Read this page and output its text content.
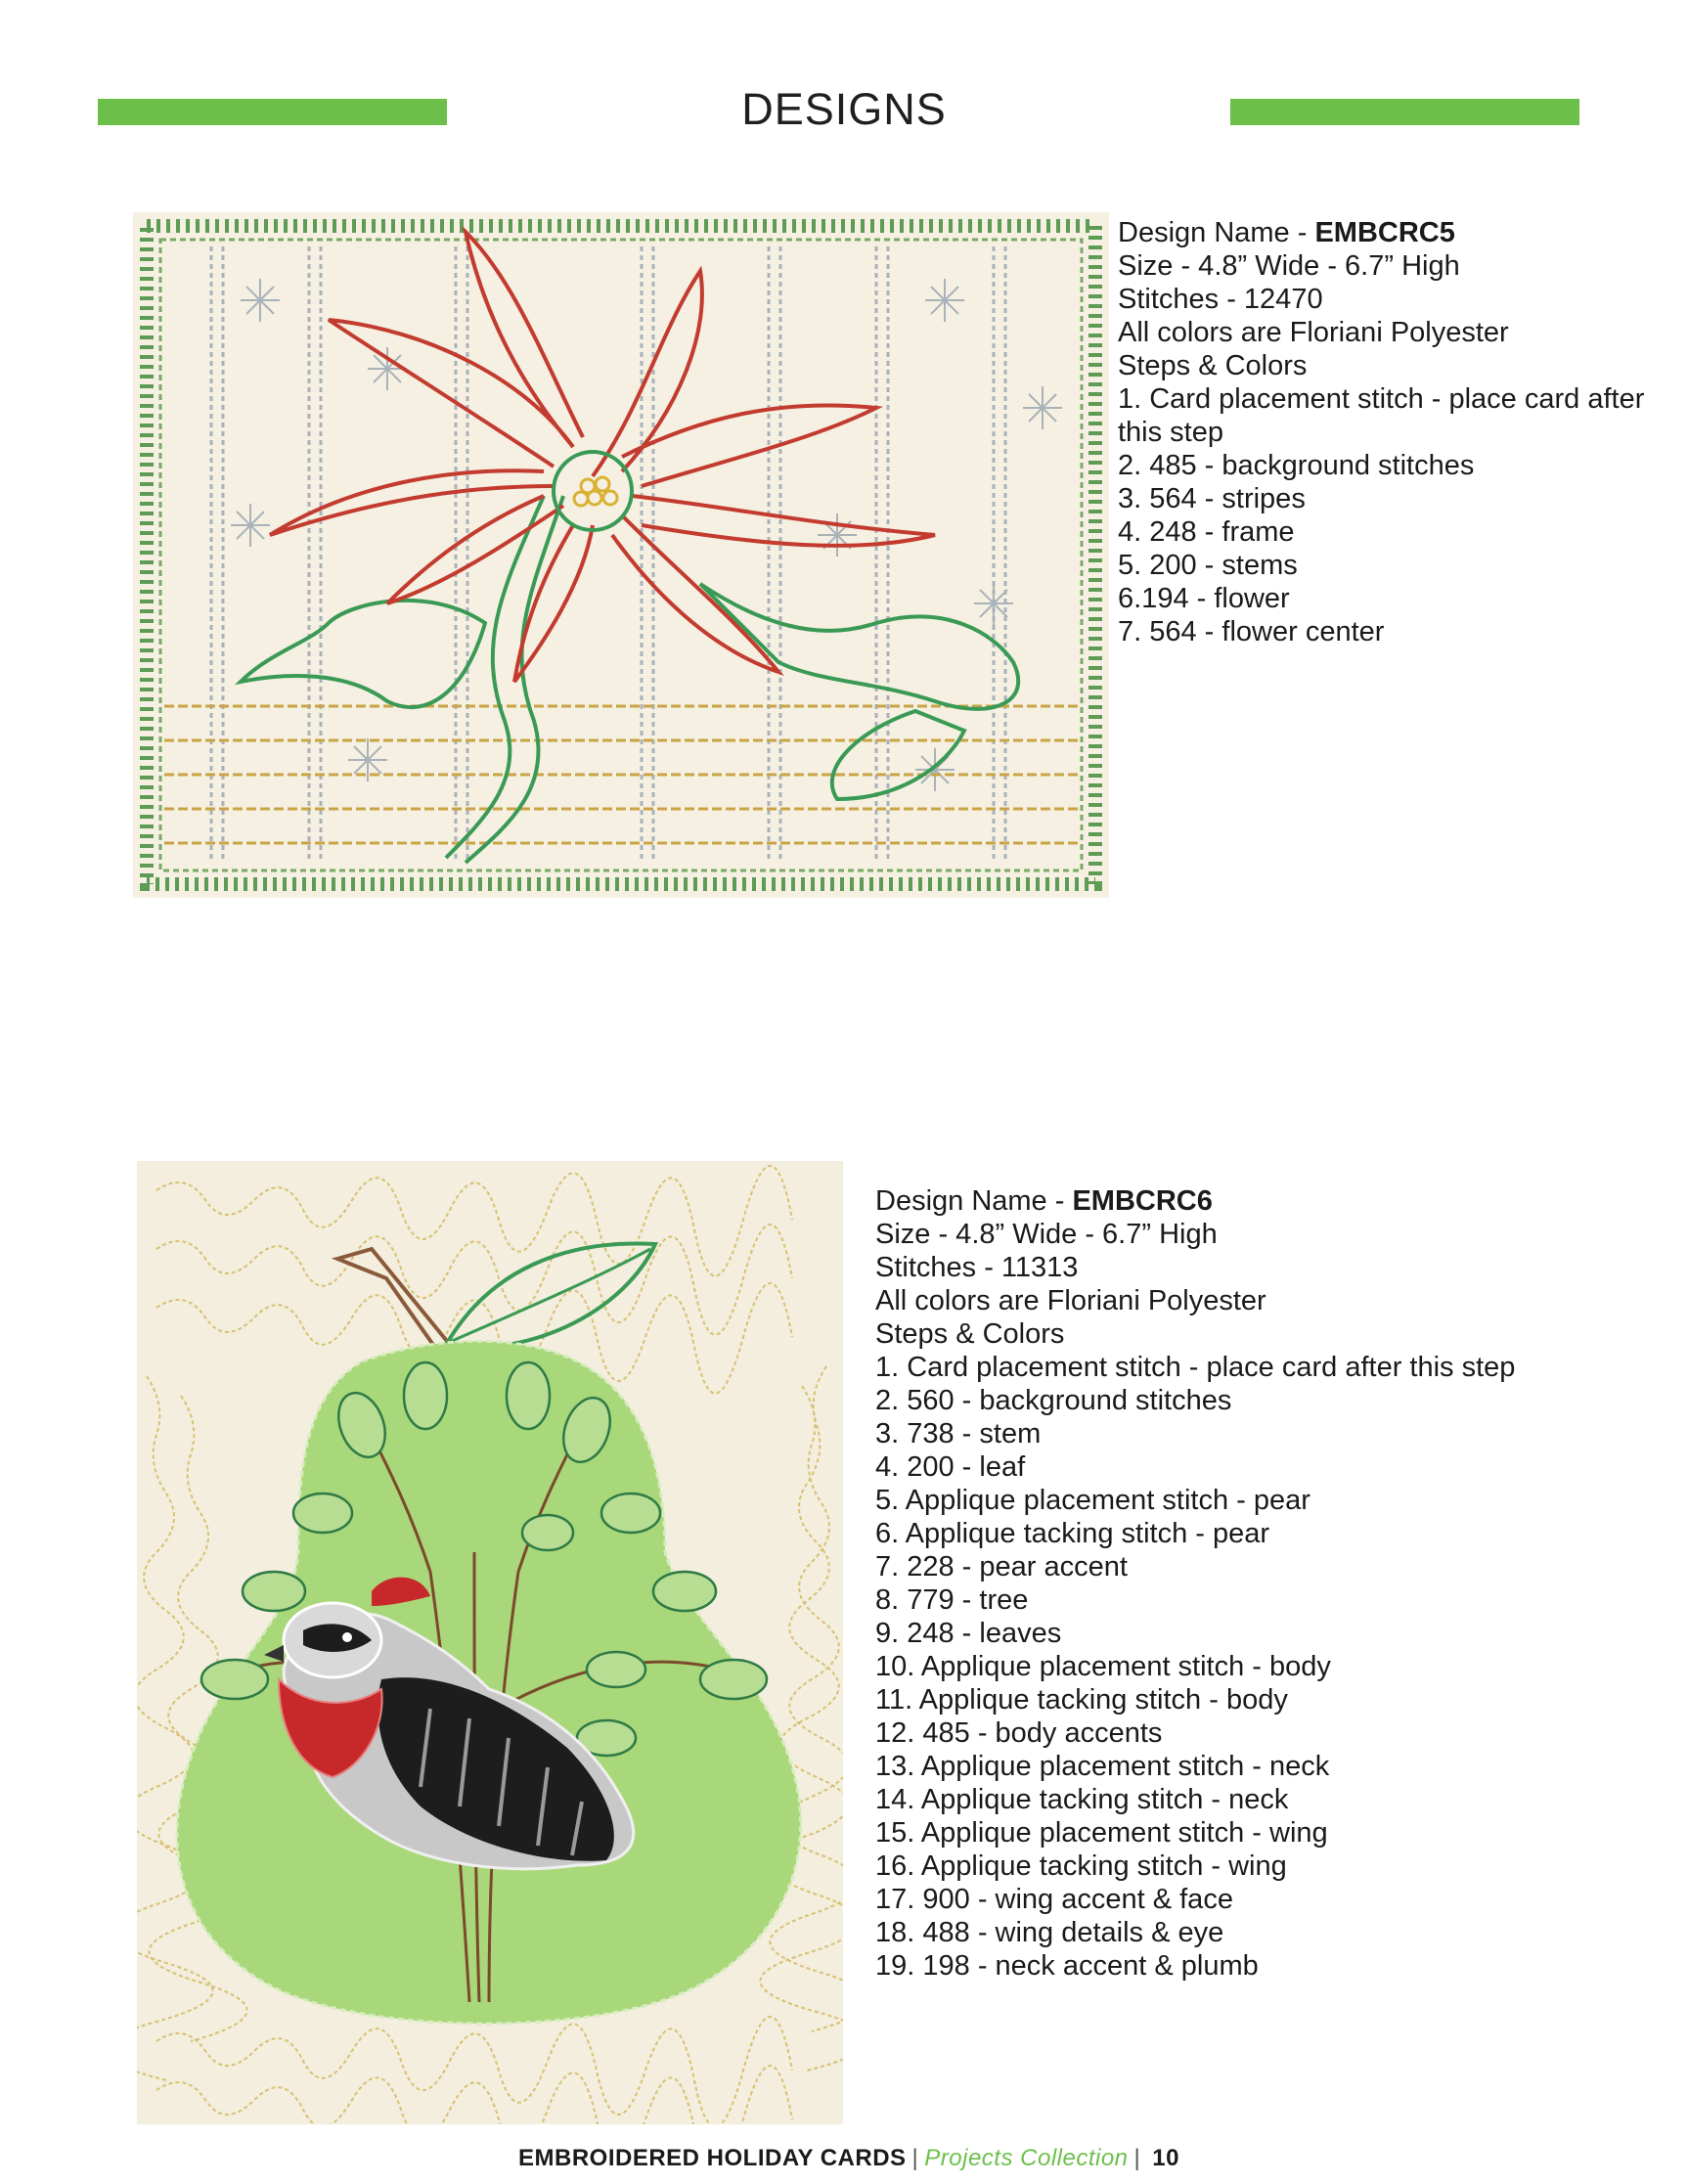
DESIGNS
Design Name - EMBCRC5
Size - 4.8” Wide - 6.7” High
Stitches - 12470
All colors are Floriani Polyester
Steps & Colors
1. Card placement stitch - place card after this step
2. 485 - background stitches
3. 564 - stripes
4. 248 - frame
5. 200 - stems
6.194 - flower
7. 564 - flower center
Design Name - EMBCRC6
Size - 4.8” Wide - 6.7” High
Stitches - 11313
All colors are Floriani Polyester
Steps & Colors
1. Card placement stitch - place card after this step
2. 560 - background stitches
3. 738 - stem
4. 200 - leaf
5. Applique placement stitch - pear
6. Applique tacking stitch - pear
7. 228 - pear accent
8. 779 - tree
9. 248 - leaves
10. Applique placement stitch - body
11. Applique tacking stitch - body
12. 485 - body accents
13. Applique placement stitch - neck
14. Applique tacking stitch - neck
15. Applique placement stitch - wing
16. Applique tacking stitch - wing
17. 900 - wing accent & face
18. 488 - wing details & eye
19. 198 - neck accent & plumb
EMBROIDERED HOLIDAY CARDS | Projects Collection | 10
